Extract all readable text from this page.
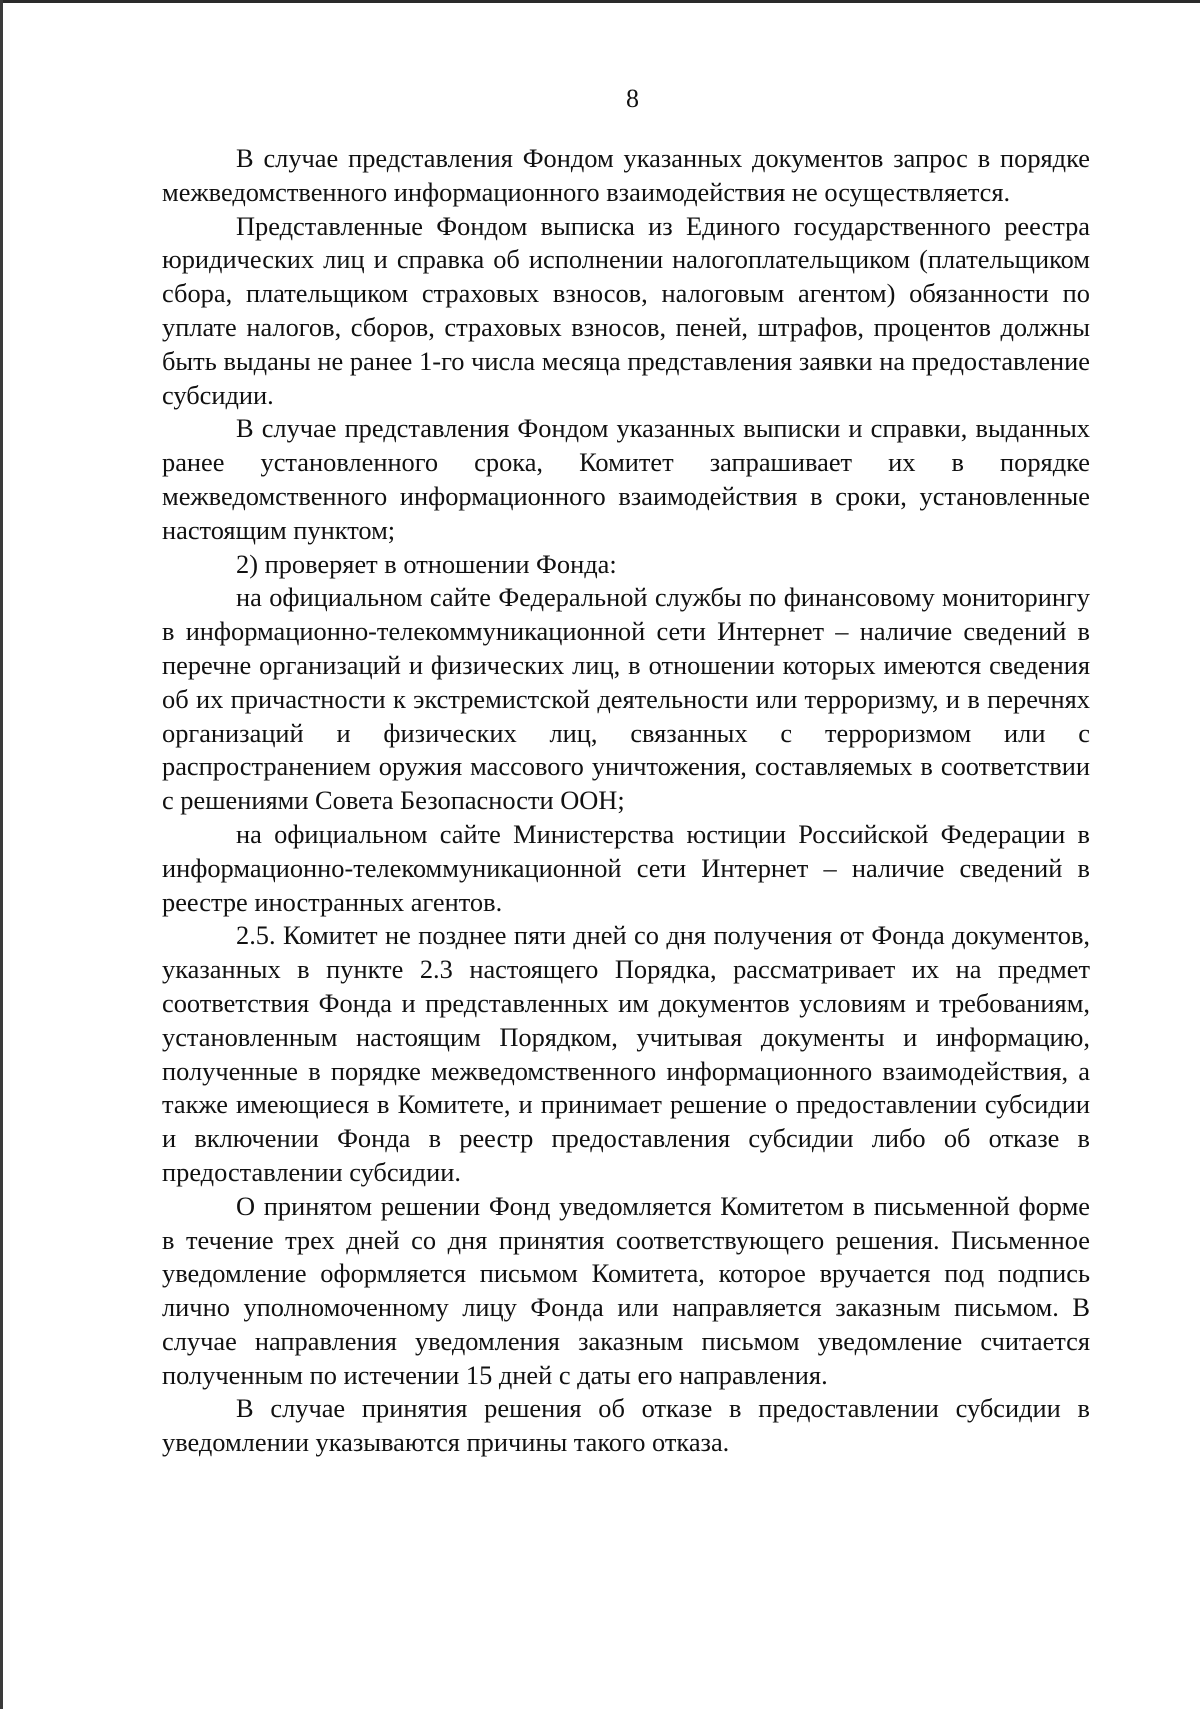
8

В случае представления Фондом указанных документов запрос в порядке межведомственного информационного взаимодействия не осуществляется.

Представленные Фондом выписка из Единого государственного реестра юридических лиц и справка об исполнении налогоплательщиком (плательщиком сбора, плательщиком страховых взносов, налоговым агентом) обязанности по уплате налогов, сборов, страховых взносов, пеней, штрафов, процентов должны быть выданы не ранее 1-го числа месяца представления заявки на предоставление субсидии.

В случае представления Фондом указанных выписки и справки, выданных ранее установленного срока, Комитет запрашивает их в порядке межведомственного информационного взаимодействия в сроки, установленные настоящим пунктом;

2) проверяет в отношении Фонда:

на официальном сайте Федеральной службы по финансовому мониторингу в информационно-телекоммуникационной сети Интернет – наличие сведений в перечне организаций и физических лиц, в отношении которых имеются сведения об их причастности к экстремистской деятельности или терроризму, и в перечнях организаций и физических лиц, связанных с терроризмом или с распространением оружия массового уничтожения, составляемых в соответствии с решениями Совета Безопасности ООН;

на официальном сайте Министерства юстиции Российской Федерации в информационно-телекоммуникационной сети Интернет – наличие сведений в реестре иностранных агентов.

2.5. Комитет не позднее пяти дней со дня получения от Фонда документов, указанных в пункте 2.3 настоящего Порядка, рассматривает их на предмет соответствия Фонда и представленных им документов условиям и требованиям, установленным настоящим Порядком, учитывая документы и информацию, полученные в порядке межведомственного информационного взаимодействия, а также имеющиеся в Комитете, и принимает решение о предоставлении субсидии и включении Фонда в реестр предоставления субсидии либо об отказе в предоставлении субсидии.

О принятом решении Фонд уведомляется Комитетом в письменной форме в течение трех дней со дня принятия соответствующего решения. Письменное уведомление оформляется письмом Комитета, которое вручается под подпись лично уполномоченному лицу Фонда или направляется заказным письмом. В случае направления уведомления заказным письмом уведомление считается полученным по истечении 15 дней с даты его направления.

В случае принятия решения об отказе в предоставлении субсидии в уведомлении указываются причины такого отказа.
